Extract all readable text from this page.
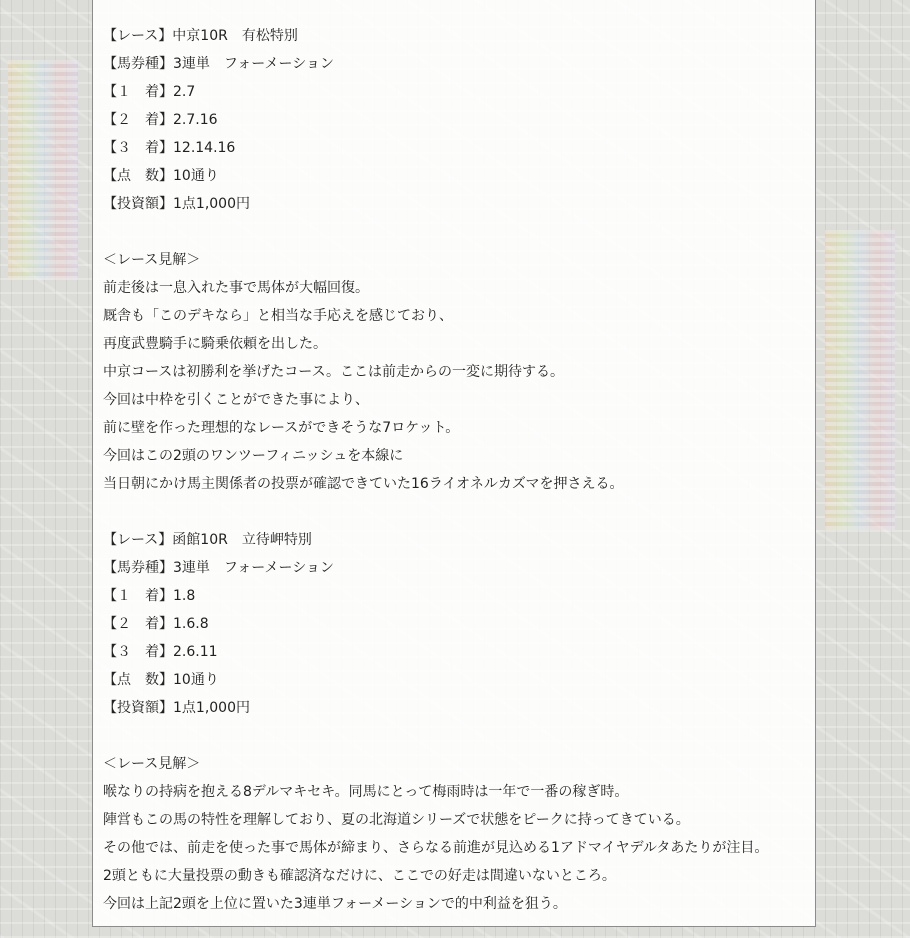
【レース】中京10R　有松特別
【馬券種】3連単　フォーメーション
【１　着】2.7
【２　着】2.7.16
【３　着】12.14.16
【点　数】10通り
【投資額】1点1,000円
＜レース見解＞
前走後は一息入れた事で馬体が大幅回復。
厩舎も「このデキなら」と相当な手応えを感じており、
再度武豊騎手に騎乗依頼を出した。
中京コースは初勝利を挙げたコース。ここは前走からの一変に期待する。
今回は中枠を引くことができた事により、
前に壁を作った理想的なレースができそうな7ロケット。
今回はこの2頭のワンツーフィニッシュを本線に
当日朝にかけ馬主関係者の投票が確認できていた16ライオネルカズマを押さえる。
【レース】函館10R　立待岬特別
【馬券種】3連単　フォーメーション
【１　着】1.8
【２　着】1.6.8
【３　着】2.6.11
【点　数】10通り
【投資額】1点1,000円
＜レース見解＞
喉なりの持病を抱える8デルマキセキ。同馬にとって梅雨時は一年で一番の稼ぎ時。
陣営もこの馬の特性を理解しており、夏の北海道シリーズで状態をピークに持ってきている。
その他では、前走を使った事で馬体が締まり、さらなる前進が見込める1アドマイヤデルタあたりが注目。
2頭ともに大量投票の動きも確認済なだけに、ここでの好走は間違いないところ。
今回は上記2頭を上位に置いた3連単フォーメーションで的中利益を狙う。
